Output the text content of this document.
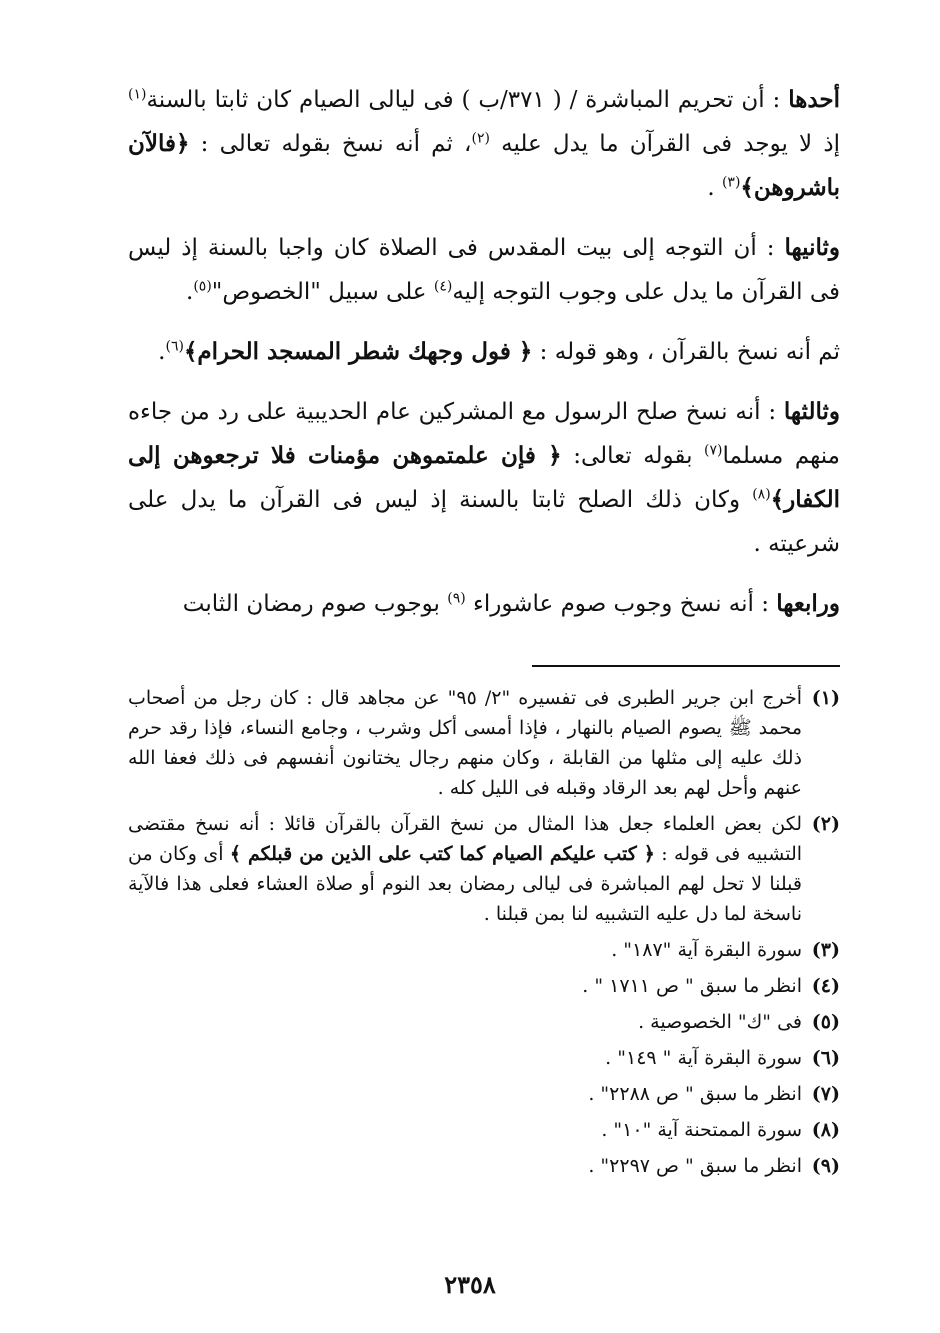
أحدها : أن تحريم المباشرة / ( ٣٧١/ب ) فى ليالى الصيام كان ثابتا بالسنة$^{(١)}$ إذ لا يوجد فى القرآن ما يدل عليه $^{(٢)}$، ثم أنه نسخ بقوله تعالى : ﴿فالآن باشروهن﴾$^{(٣)}$ .

وثانيها : أن التوجه إلى بيت المقدس فى الصلاة كان واجبا بالسنة إذ ليس فى القرآن ما يدل على وجوب التوجه إليه$^{(٤)}$ على سبيل "الخصوص"$^{(٥)}$.

ثم أنه نسخ بالقرآن ، وهو قوله : ﴿ فول وجهك شطر المسجد الحرام﴾$^{(٦)}$.

وثالثها : أنه نسخ صلح الرسول مع المشركين عام الحديبية على رد من جاءه منهم مسلما$^{(٧)}$ بقوله تعالى: ﴿ فإن علمتموهن مؤمنات فلا ترجعوهن إلى الكفار﴾$^{(٨)}$ وكان ذلك الصلح ثابتا بالسنة إذ ليس فى القرآن ما يدل على شرعيته .

ورابعها : أنه نسخ وجوب صوم عاشوراء $^{(٩)}$ بوجوب صوم رمضان الثابت

(١)
أخرج ابن جرير الطبرى فى تفسيره "٢/ ٩٥" عن مجاهد قال : كان رجل من أصحاب محمد ﷺ يصوم الصيام بالنهار ، فإذا أمسى أكل وشرب ، وجامع النساء، فإذا رقد حرم ذلك عليه إلى مثلها من القابلة ، وكان منهم رجال يختانون أنفسهم فى ذلك فعفا الله عنهم وأحل لهم بعد الرقاد وقبله فى الليل كله .
(٢)
لكن بعض العلماء جعل هذا المثال من نسخ القرآن بالقرآن قائلا : أنه نسخ مقتضى التشبيه فى قوله : ﴿ كتب عليكم الصيام كما كتب على الذين من قبلكم ﴾ أى وكان من قبلنا لا تحل لهم المباشرة فى ليالى رمضان بعد النوم أو صلاة العشاء فعلى هذا فالآية ناسخة لما دل عليه التشبيه لنا بمن قبلنا .
(٣)
سورة البقرة آية "١٨٧" .
(٤)
انظر ما سبق " ص ١٧١١ " .
(٥)
فى "ك" الخصوصية .
(٦)
سورة البقرة آية " ١٤٩" .
(٧)
انظر ما سبق " ص ٢٢٨٨" .
(٨)
سورة الممتحنة آية "١٠" .
(٩)
انظر ما سبق " ص ٢٢٩٧" .
٢٣٥٨
